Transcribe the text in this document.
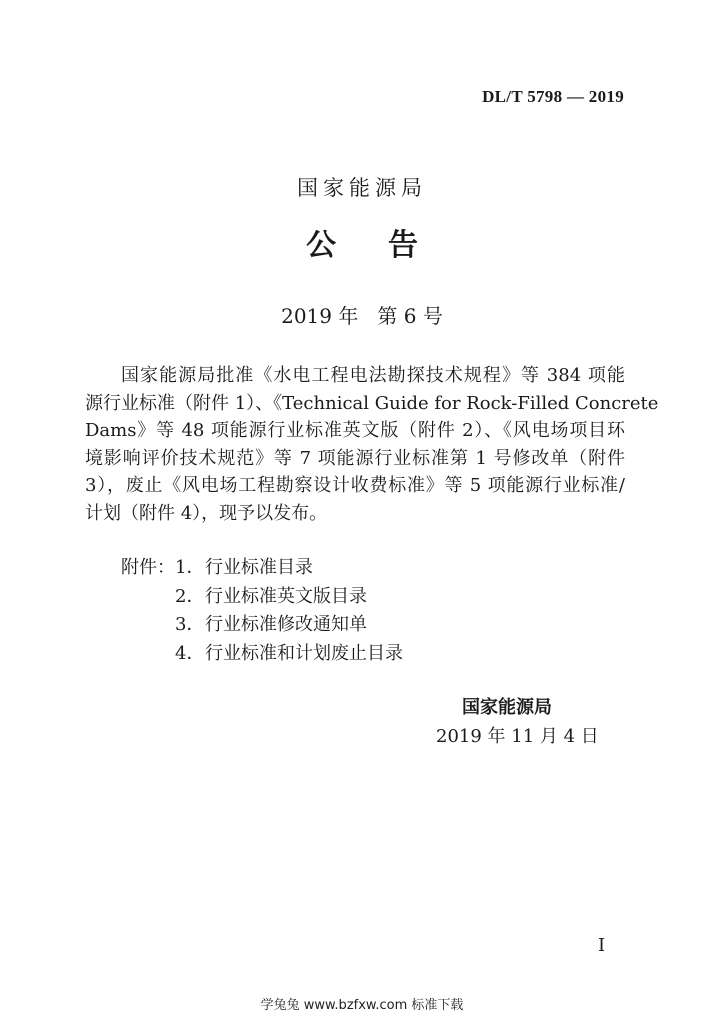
DL/T 5798 — 2019
国家能源局
公告
2019 年   第 6 号
国家能源局批准《水电工程电法勘探技术规程》等 384 项能
源行业标准（附件 1）、《Technical Guide for Rock-Filled Concrete
Dams》等 48 项能源行业标准英文版（附件 2）、《风电场项目环
境影响评价技术规范》等 7 项能源行业标准第 1 号修改单（附件
3），废止《风电场工程勘察设计收费标准》等 5 项能源行业标准/
计划（附件 4），现予以发布。
附件： 1． 行业标准目录
2． 行业标准英文版目录
3． 行业标准修改通知单
4． 行业标准和计划废止目录
国家能源局
2019 年 11 月 4 日
I
学兔兔 www.bzfxw.com 标准下载
